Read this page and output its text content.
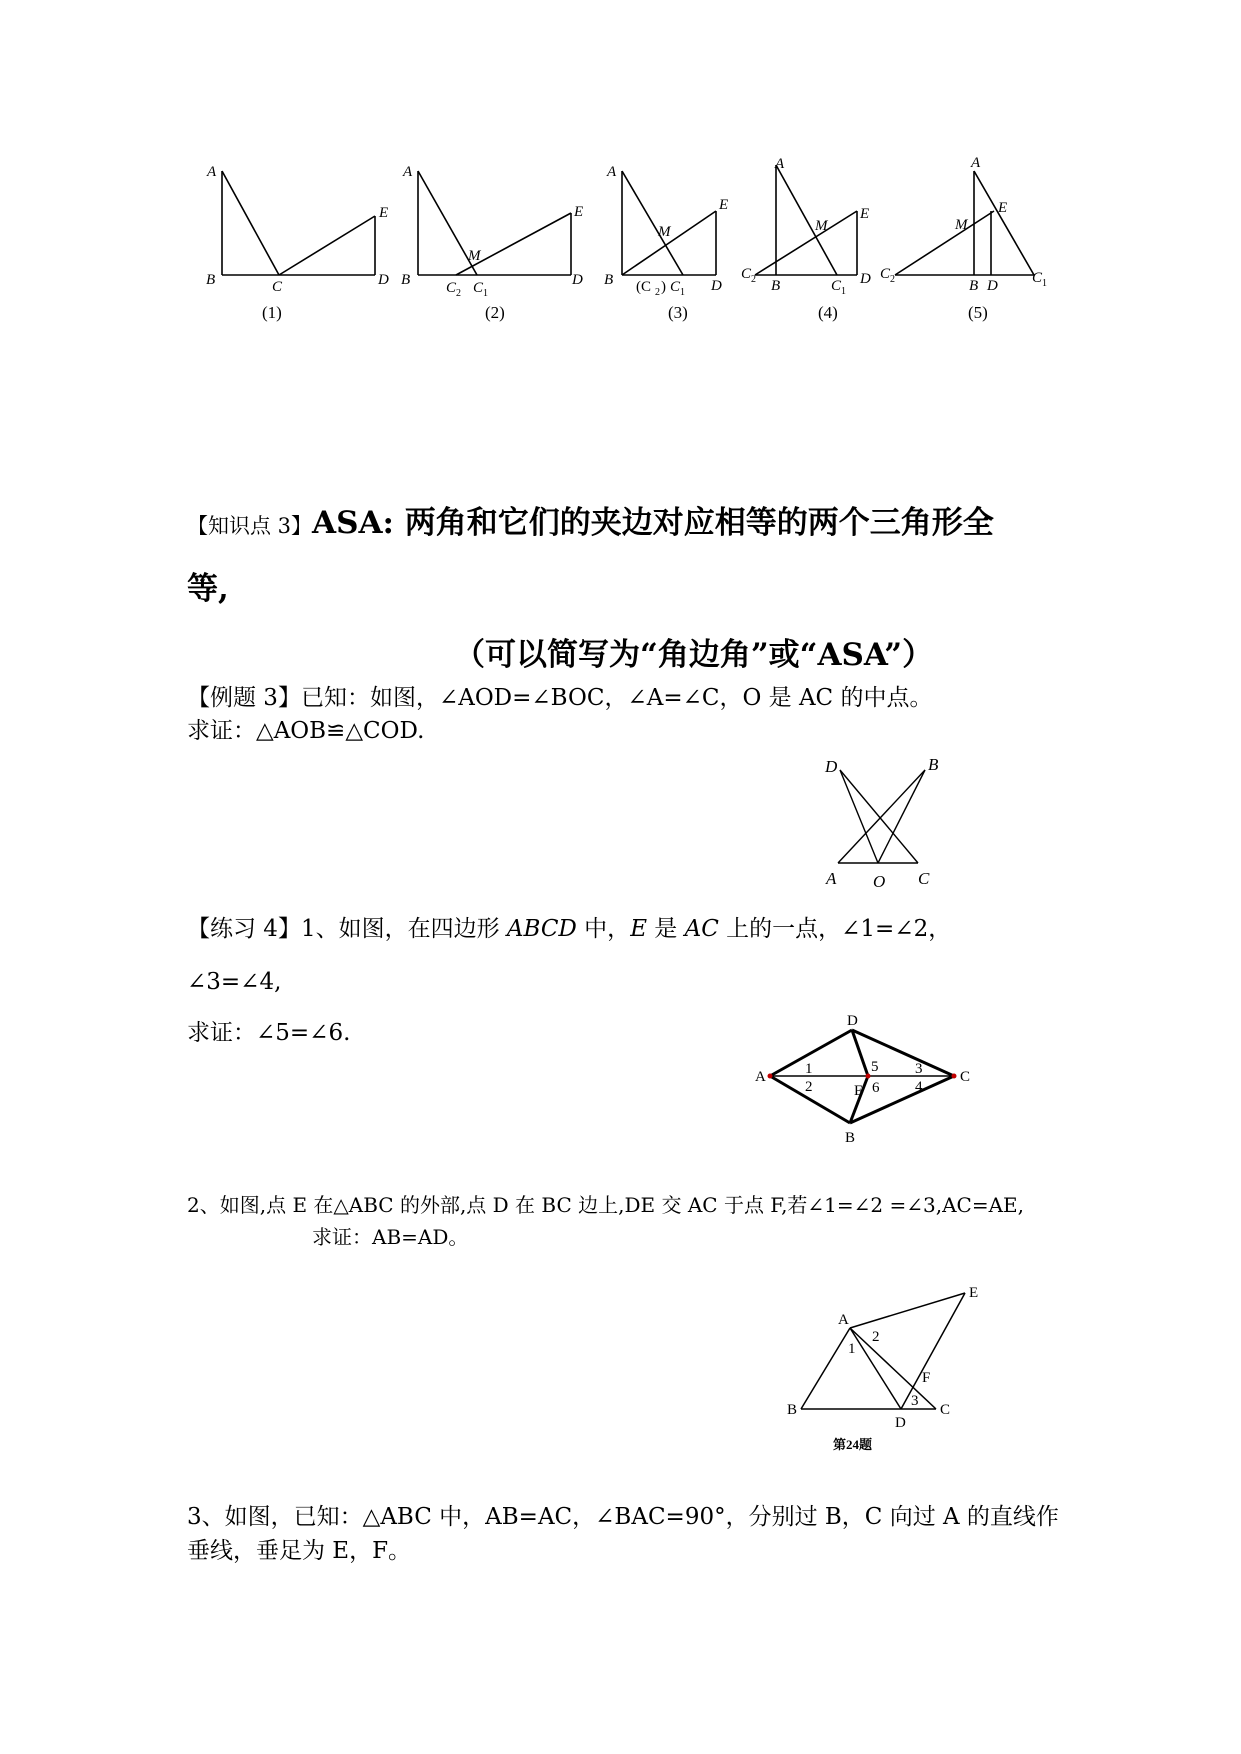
A
B	C	D
E
(1)
A
B
M
C 2 C 1
D
E
(2)
A
B
M
(C 2 ) C 1 D
E
(3)
A
C 2 B
M
C 1
D
E
(4)
A
M
E
C 2	B D C 1
(5)
【知识点 3】ASA: 两角和它们的夹边对应相等的两个三角形全
等,
（可以简写为“角边角”或“ASA”）
【例题 3】已知：如图，∠AOD=∠BOC，∠A=∠C，O 是 AC 的中点。
求证：△AOB≌△COD.
D	B
A O C
【练习 4】1、如图，在四边形 ABCD 中，E 是 AC 上的一点，∠1=∠2，
∠3=∠4,
求证：∠5=∠6.	D
A	C
B
E
1
2
3
4
5
6
2、如图,点 E 在△ABC 的外部,点 D 在 BC 边上,DE 交 AC 于点 F,若∠1=∠2 =∠3,AC=AE,
求证：AB=AD。
A
B	C
D
E
F
1
2
3
第24题
3、如图，已知：△ABC 中，AB=AC，∠BAC=90°，分别过 B，C 向过 A 的直线作
垂线，垂足为 E，F。
